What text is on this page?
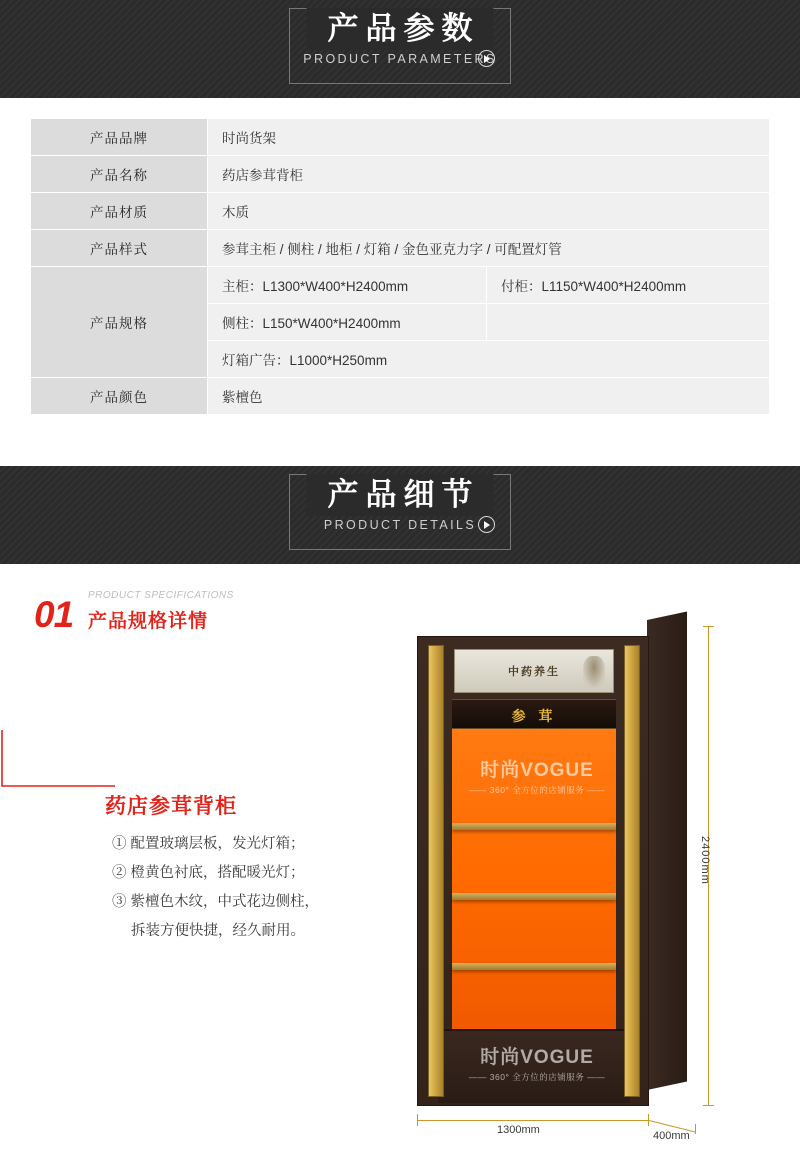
产品参数
PRODUCT PARAMETERS
产品品牌	时尚货架	
产品名称	药店参茸背柜	
产品材质	木质	
产品样式	参茸主柜 / 侧柱 / 地柜 / 灯箱 / 金色亚克力字 / 可配置灯管	
产品规格	主柜：L1300*W400*H2400mm	付柜：L1150*W400*H2400mm
	侧柱：L150*W400*H2400mm	
	灯箱广告：L1000*H250mm	
产品颜色	紫檀色	
产品细节
PRODUCT DETAILS
01 PRODUCT SPECIFICATIONS
产品规格详情
药店参茸背柜
① 配置玻璃层板，发光灯箱；
② 橙黄色衬底，搭配暖光灯；
③ 紫檀色木纹，中式花边侧柱，
拆装方便快捷，经久耐用。
中药养生
参 茸
时尚VOGUE
—— 360° 全方位的店铺服务 ——
时尚VOGUE
—— 360° 全方位的店铺服务 ——
2400mm
1300mm	400mm
